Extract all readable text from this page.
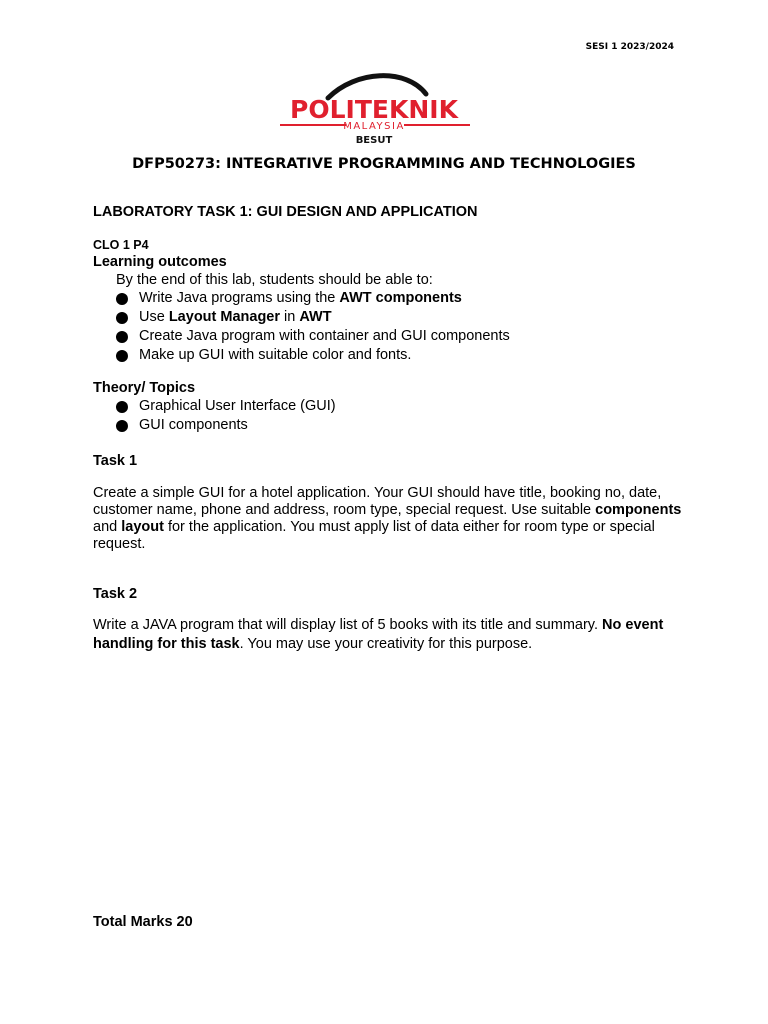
SESI 1 2023/2024
POLITEKNIK
MALAYSIA
BESUT
DFP50273: INTEGRATIVE PROGRAMMING AND TECHNOLOGIES

LABORATORY TASK 1: GUI DESIGN AND APPLICATION

CLO 1 P4

Learning outcomes

By the end of this lab, students should be able to:

Write Java programs using the AWT components
Use Layout Manager in AWT
Create Java program with container and GUI components
Make up GUI with suitable color and fonts.

Theory/ Topics

Graphical User Interface (GUI)
GUI components

Task 1

Create a simple GUI for a hotel application. Your GUI should have title, booking no, date, customer name, phone and address, room type, special request. Use suitable components and layout for the application. You must apply list of data either for room type or special request.

Task 2

Write a JAVA program that will display list of 5 books with its title and summary. No event handling for this task. You may use your creativity for this purpose.

Total Marks 20
